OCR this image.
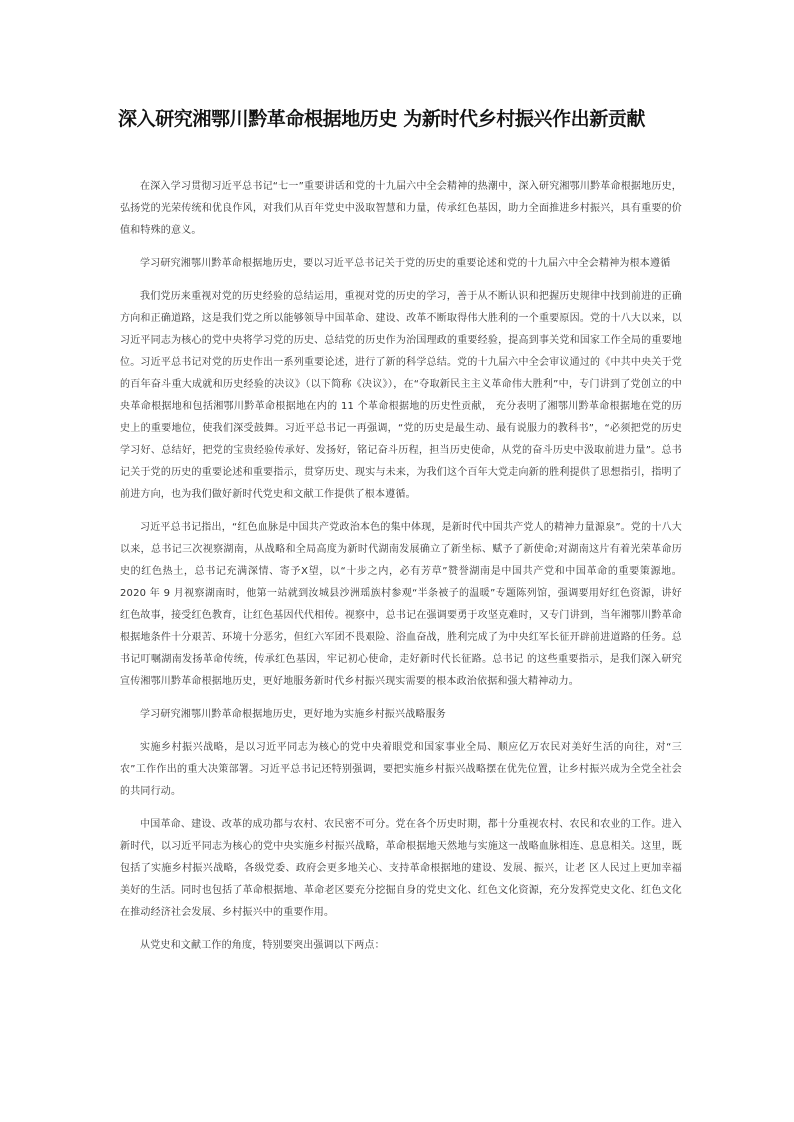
深入研究湘鄂川黔革命根据地历史 为新时代乡村振兴作出新贡献

在深入学习贯彻习近平总书记“七一”重要讲话和党的十九届六中全会精神的热潮中，深入研究湘鄂川黔革命根据地历史，弘扬党的光荣传统和优良作风，对我们从百年党史中汲取智慧和力量，传承红色基因，助力全面推进乡村振兴，具有重要的价值和特殊的意义。

学习研究湘鄂川黔革命根据地历史，要以习近平总书记关于党的历史的重要论述和党的十九届六中全会精神为根本遵循

我们党历来重视对党的历史经验的总结运用，重视对党的历史的学习，善于从不断认识和把握历史规律中找到前进的正确方向和正确道路，这是我们党之所以能够领导中国革命、建设、改革不断取得伟大胜利的一个重要原因。党的十八大以来，以习近平同志为核心的党中央将学习党的历史、总结党的历史作为治国理政的重要经验，提高到事关党和国家工作全局的重要地位。习近平总书记对党的历史作出一系列重要论述，进行了新的科学总结。党的十九届六中全会审议通过的《中共中央关于党的百年奋斗重大成就和历史经验的决议》（以下简称《决议》），在“夺取新民主主义革命伟大胜利”中，专门讲到了党创立的中央革命根据地和包括湘鄂川黔革命根据地在内的 11 个革命根据地的历史性贡献， 充分表明了湘鄂川黔革命根据地在党的历史上的重要地位，使我们深受鼓舞。习近平总书记一再强调，“党的历史是最生动、最有说服力的教科书”，“必须把党的历史学习好、总结好，把党的宝贵经验传承好、发扬好，铭记奋斗历程，担当历史使命，从党的奋斗历史中汲取前进力量”。总书记关于党的历史的重要论述和重要指示，贯穿历史、现实与未来，为我们这个百年大党走向新的胜利提供了思想指引，指明了前进方向，也为我们做好新时代党史和文献工作提供了根本遵循。

习近平总书记指出，“红色血脉是中国共产党政治本色的集中体现，是新时代中国共产党人的精神力量源泉”。党的十八大以来，总书记三次视察湖南，从战略和全局高度为新时代湖南发展确立了新坐标、赋予了新使命;对湖南这片有着光荣革命历史的红色热土，总书记充满深情、寄予X望，以“十步之内，必有芳草”赞誉湖南是中国共产党和中国革命的重要策源地。2020 年 9 月视察湖南时，他第一站就到汝城县沙洲瑶族村参观“半条被子的温暖”专题陈列馆，强调要用好红色资源，讲好红色故事，接受红色教育，让红色基因代代相传。视察中，总书记在强调要勇于攻坚克难时，又专门讲到，当年湘鄂川黔革命根据地条件十分艰苦、环境十分恶劣，但红六军团不畏艰险、浴血奋战，胜利完成了为中央红军长征开辟前进道路的任务。总书记叮嘱湖南发扬革命传统，传承红色基因，牢记初心使命，走好新时代长征路。总书记 的这些重要指示，是我们深入研究宣传湘鄂川黔革命根据地历史，更好地服务新时代乡村振兴现实需要的根本政治依据和强大精神动力。

学习研究湘鄂川黔革命根据地历史，更好地为实施乡村振兴战略服务

实施乡村振兴战略，是以习近平同志为核心的党中央着眼党和国家事业全局、顺应亿万农民对美好生活的向往，对“三农”工作作出的重大决策部署。习近平总书记还特别强调，要把实施乡村振兴战略摆在优先位置，让乡村振兴成为全党全社会的共同行动。

中国革命、建设、改革的成功都与农村、农民密不可分。党在各个历史时期，都十分重视农村、农民和农业的工作。进入新时代，以习近平同志为核心的党中央实施乡村振兴战略，革命根据地天然地与实施这一战略血脉相连、息息相关。这里，既包括了实施乡村振兴战略，各级党委、政府会更多地关心、支持革命根据地的建设、发展、振兴，让老 区人民过上更加幸福美好的生活。同时也包括了革命根据地、革命老区要充分挖掘自身的党史文化、红色文化资源，充分发挥党史文化、红色文化在推动经济社会发展、乡村振兴中的重要作用。

从党史和文献工作的角度，特别要突出强调以下两点：
